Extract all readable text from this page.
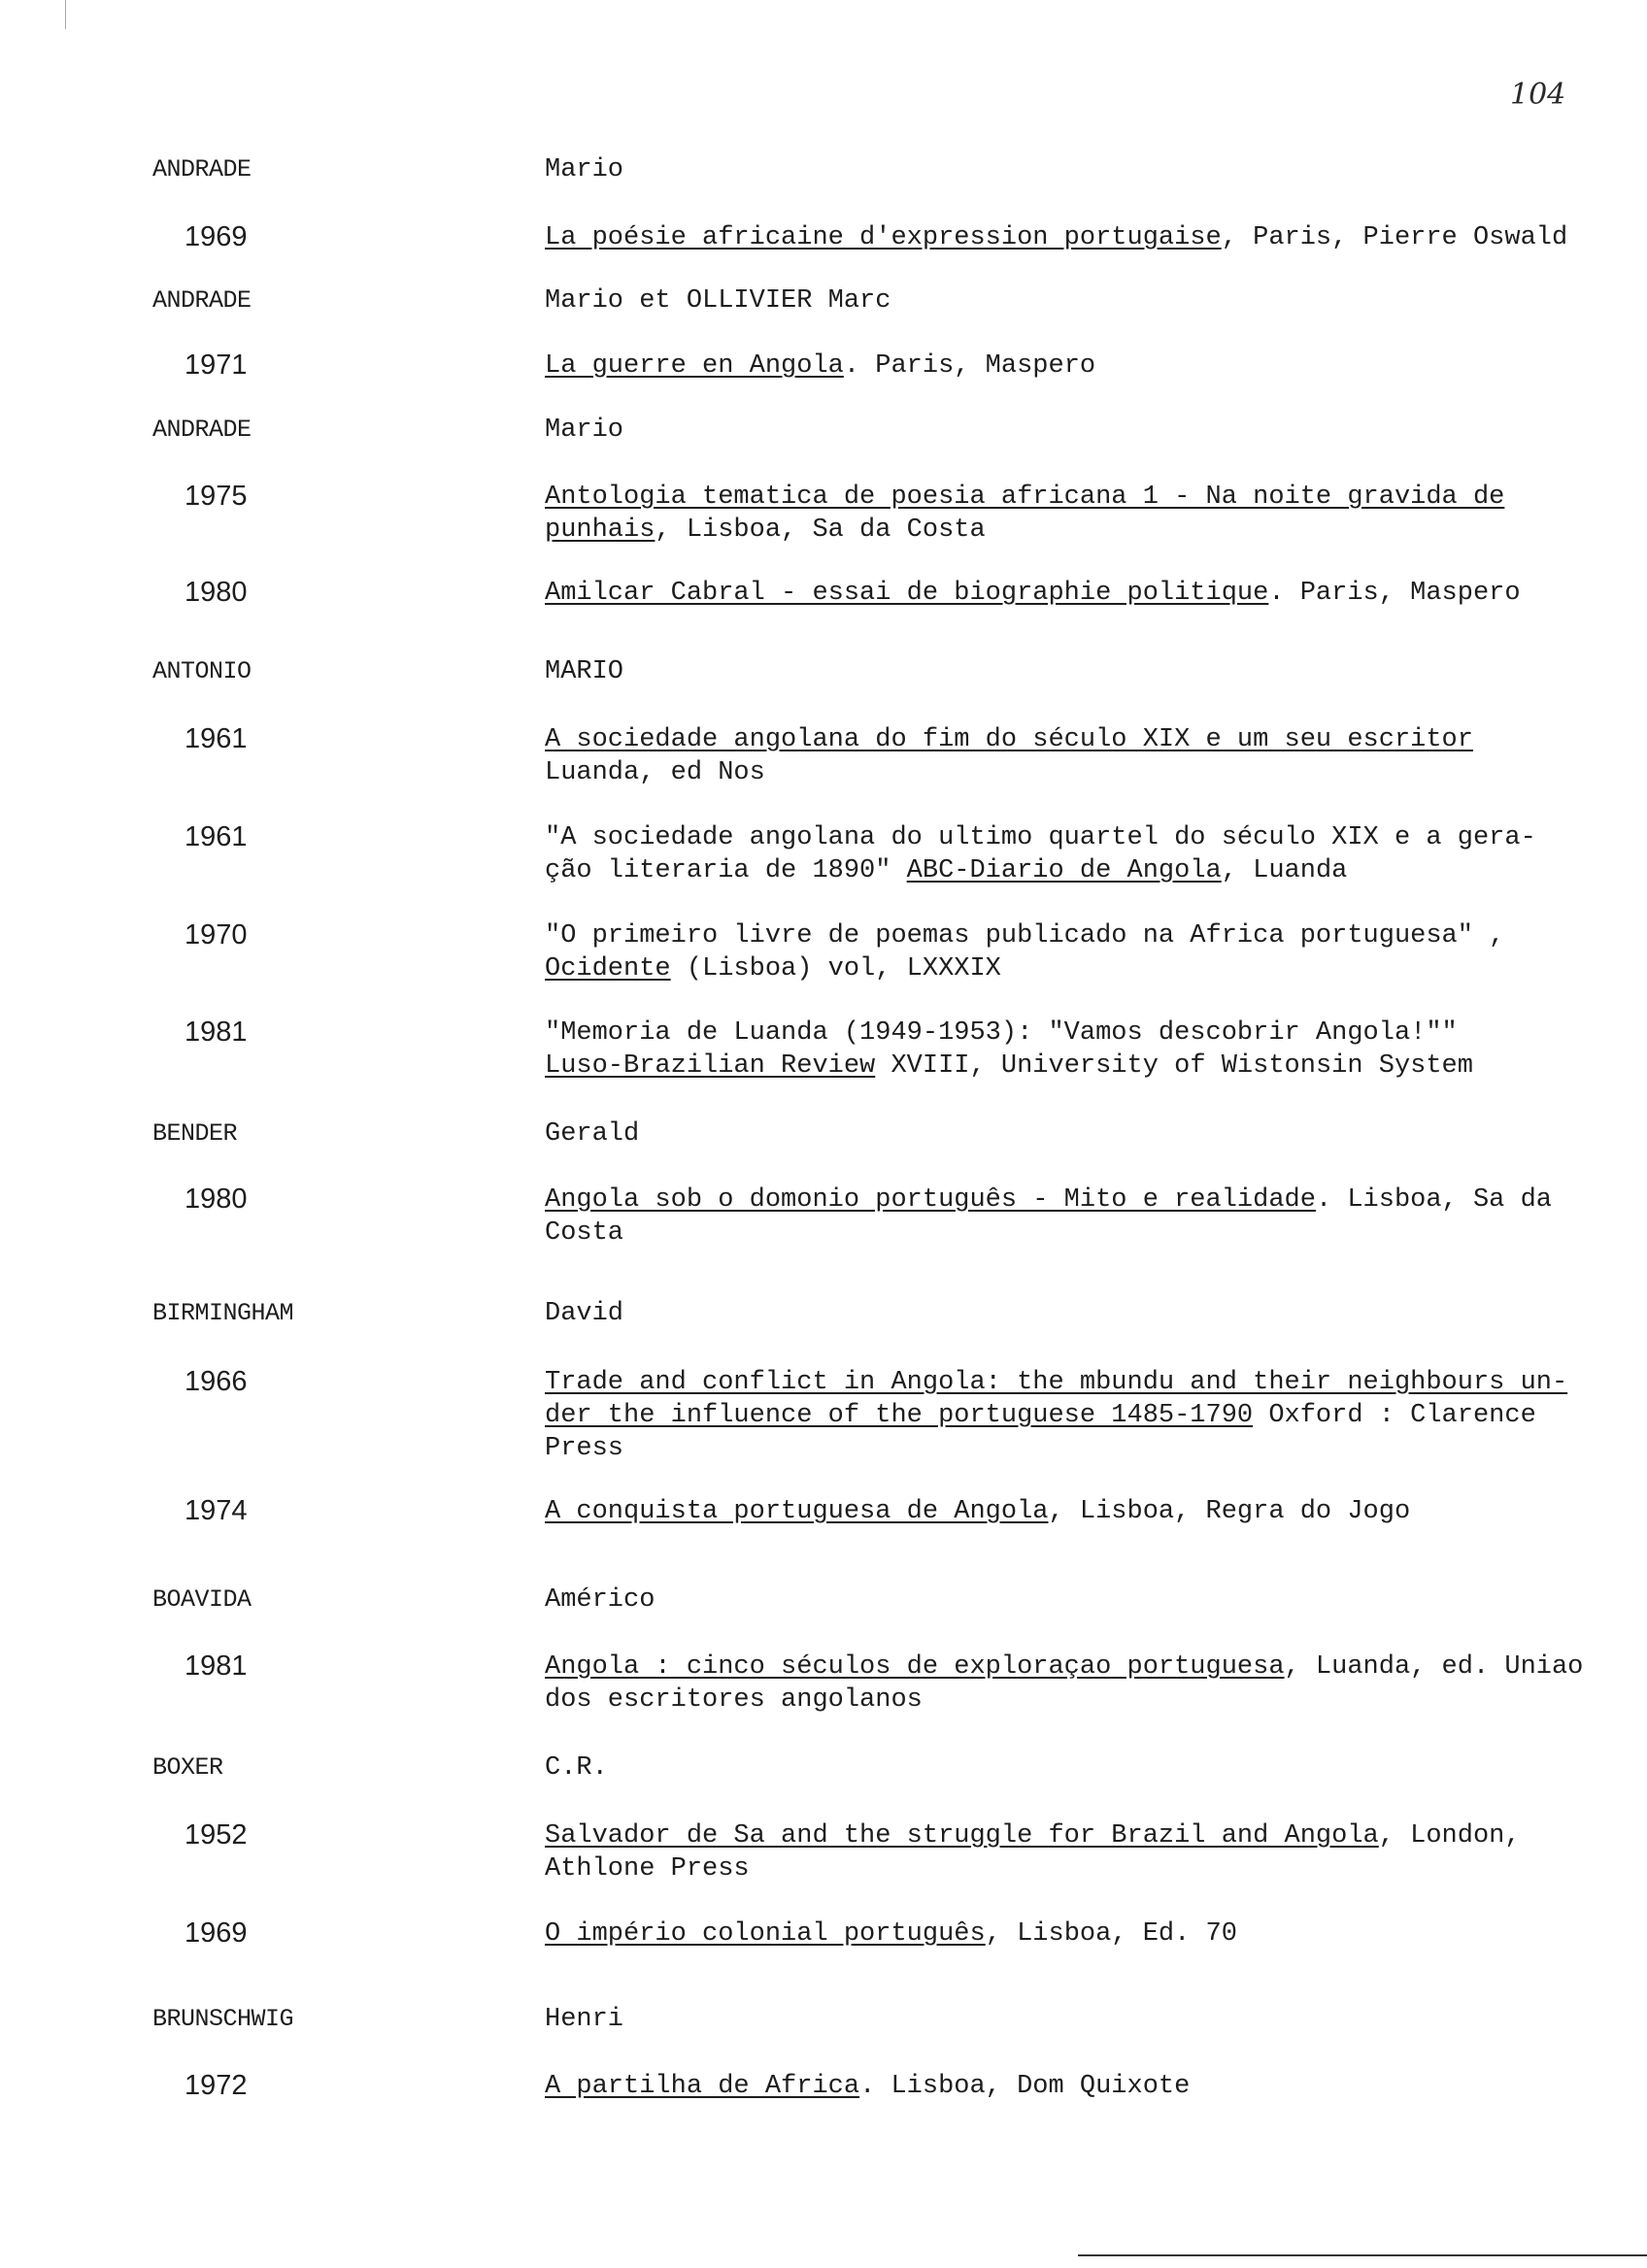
104
ANDRADE	Mario
1969	La poésie africaine d'expression portugaise, Paris, Pierre Oswald
ANDRADE	Mario et OLLIVIER Marc
1971	La guerre en Angola. Paris, Maspero
ANDRADE	Mario
1975	Antologia tematica de poesia africana 1 - Na noite gravida de
punhais, Lisboa, Sa da Costa
1980	Amilcar Cabral - essai de biographie politique. Paris, Maspero
ANTONIO	MARIO
1961	A sociedade angolana do fim do século XIX e um seu escritor
Luanda, ed Nos
1961	"A sociedade angolana do ultimo quartel do século XIX e a gera-
ção literaria de 1890" ABC-Diario de Angola, Luanda
1970	"O primeiro livre de poemas publicado na Africa portuguesa" ,
Ocidente (Lisboa) vol, LXXXIX
1981	"Memoria de Luanda (1949-1953): "Vamos descobrir Angola!""
Luso-Brazilian Review XVIII, University of Wistonsin System
BENDER	Gerald
1980	Angola sob o domonio português - Mito e realidade. Lisboa, Sa da
Costa
BIRMINGHAM	David
1966	Trade and conflict in Angola: the mbundu and their neighbours un-
der the influence of the portuguese 1485-1790 Oxford : Clarence
Press
1974	A conquista portuguesa de Angola, Lisboa, Regra do Jogo
BOAVIDA	Américo
1981	Angola : cinco séculos de exploraçao portuguesa, Luanda, ed. Uniao
dos escritores angolanos
BOXER	C.R.
1952	Salvador de Sa and the struggle for Brazil and Angola, London,
Athlone Press
1969	O império colonial português, Lisboa, Ed. 70
BRUNSCHWIG	Henri
1972	A partilha de Africa. Lisboa, Dom Quixote
